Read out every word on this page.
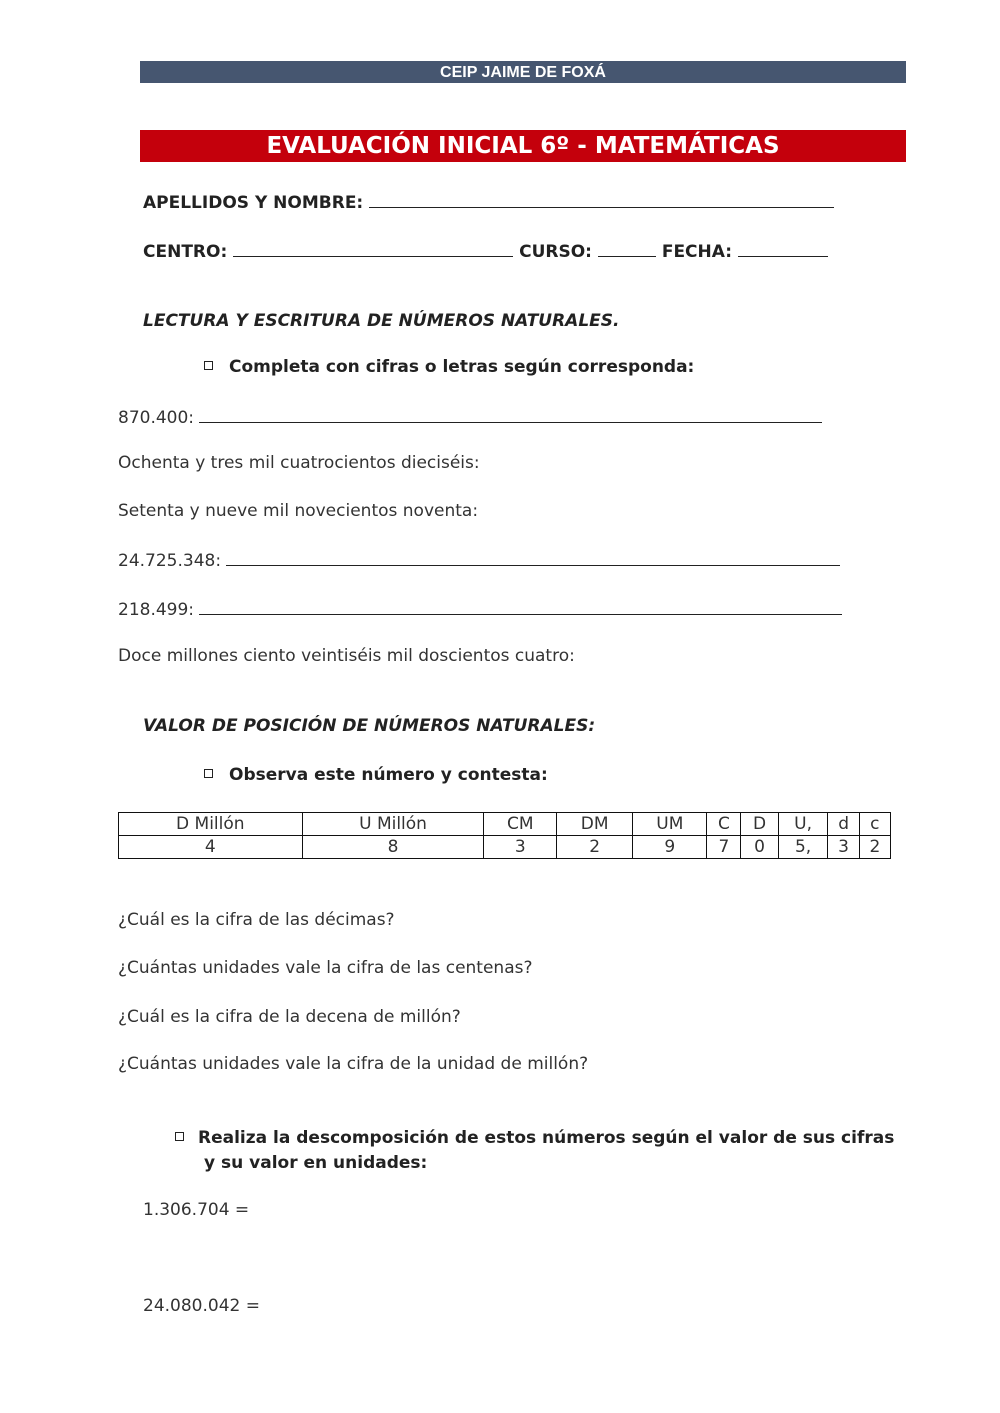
CEIP JAIME DE FOXÁ
EVALUACIÓN INICIAL 6º - MATEMÁTICAS
APELLIDOS Y NOMBRE:
CENTRO:	CURSO:	FECHA:
LECTURA Y ESCRITURA DE NÚMEROS NATURALES.
Completa con cifras o letras según corresponda:
870.400:
Ochenta y tres mil cuatrocientos dieciséis:
Setenta y nueve mil novecientos noventa:
24.725.348:
218.499:
Doce millones ciento veintiséis mil doscientos cuatro:
VALOR DE POSICIÓN DE NÚMEROS NATURALES:
Observa este número y contesta:
D Millón	U Millón	CM	DM	UM	C	D	U,	d	c
4	8	3	2	9	7	0	5,	3	2
¿Cuál es la cifra de las décimas?
¿Cuántas unidades vale la cifra de las centenas?
¿Cuál es la cifra de la decena de millón?
¿Cuántas unidades vale la cifra de la unidad de millón?
Realiza la descomposición de estos números según el valor de sus cifras
y su valor en unidades:
1.306.704 =
24.080.042 =
